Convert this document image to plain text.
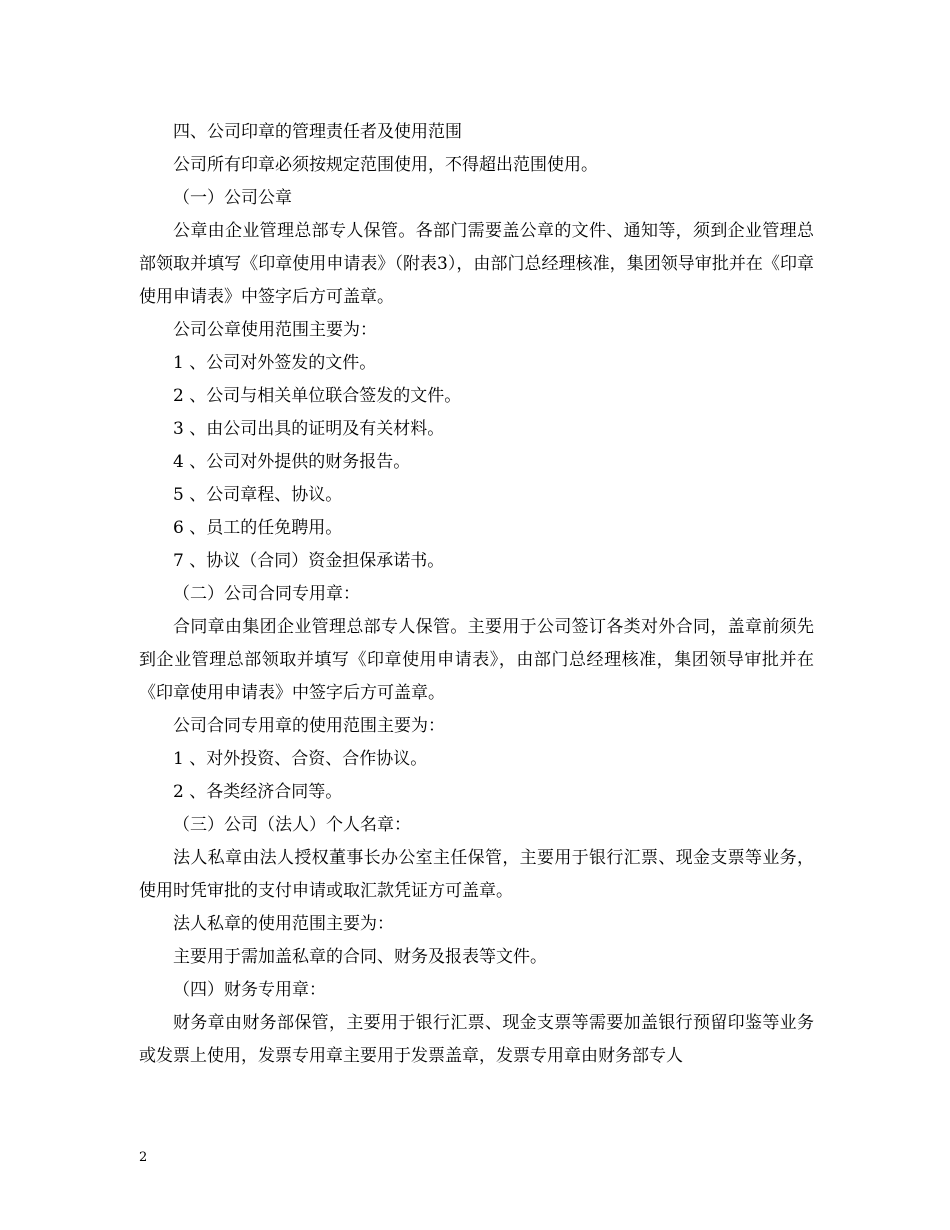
四、公司印章的管理责任者及使用范围

公司所有印章必须按规定范围使用，不得超出范围使用。

（一）公司公章

公章由企业管理总部专人保管。各部门需要盖公章的文件、通知等，须到企业管理总部领取并填写《印章使用申请表》（附表3），由部门总经理核准，集团领导审批并在《印章使用申请表》中签字后方可盖章。

公司公章使用范围主要为：

1 、公司对外签发的文件。

2 、公司与相关单位联合签发的文件。

3 、由公司出具的证明及有关材料。

4 、公司对外提供的财务报告。

5 、公司章程、协议。

6 、员工的任免聘用。

7 、协议（合同）资金担保承诺书。

（二）公司合同专用章：

合同章由集团企业管理总部专人保管。主要用于公司签订各类对外合同，盖章前须先到企业管理总部领取并填写《印章使用申请表》，由部门总经理核准，集团领导审批并在《印章使用申请表》中签字后方可盖章。

公司合同专用章的使用范围主要为：

1 、对外投资、合资、合作协议。

2 、各类经济合同等。

（三）公司（法人）个人名章：

法人私章由法人授权董事长办公室主任保管，主要用于银行汇票、现金支票等业务，使用时凭审批的支付申请或取汇款凭证方可盖章。

法人私章的使用范围主要为：

主要用于需加盖私章的合同、财务及报表等文件。

（四）财务专用章：

财务章由财务部保管，主要用于银行汇票、现金支票等需要加盖银行预留印鉴等业务或发票上使用，发票专用章主要用于发票盖章，发票专用章由财务部专人

2
